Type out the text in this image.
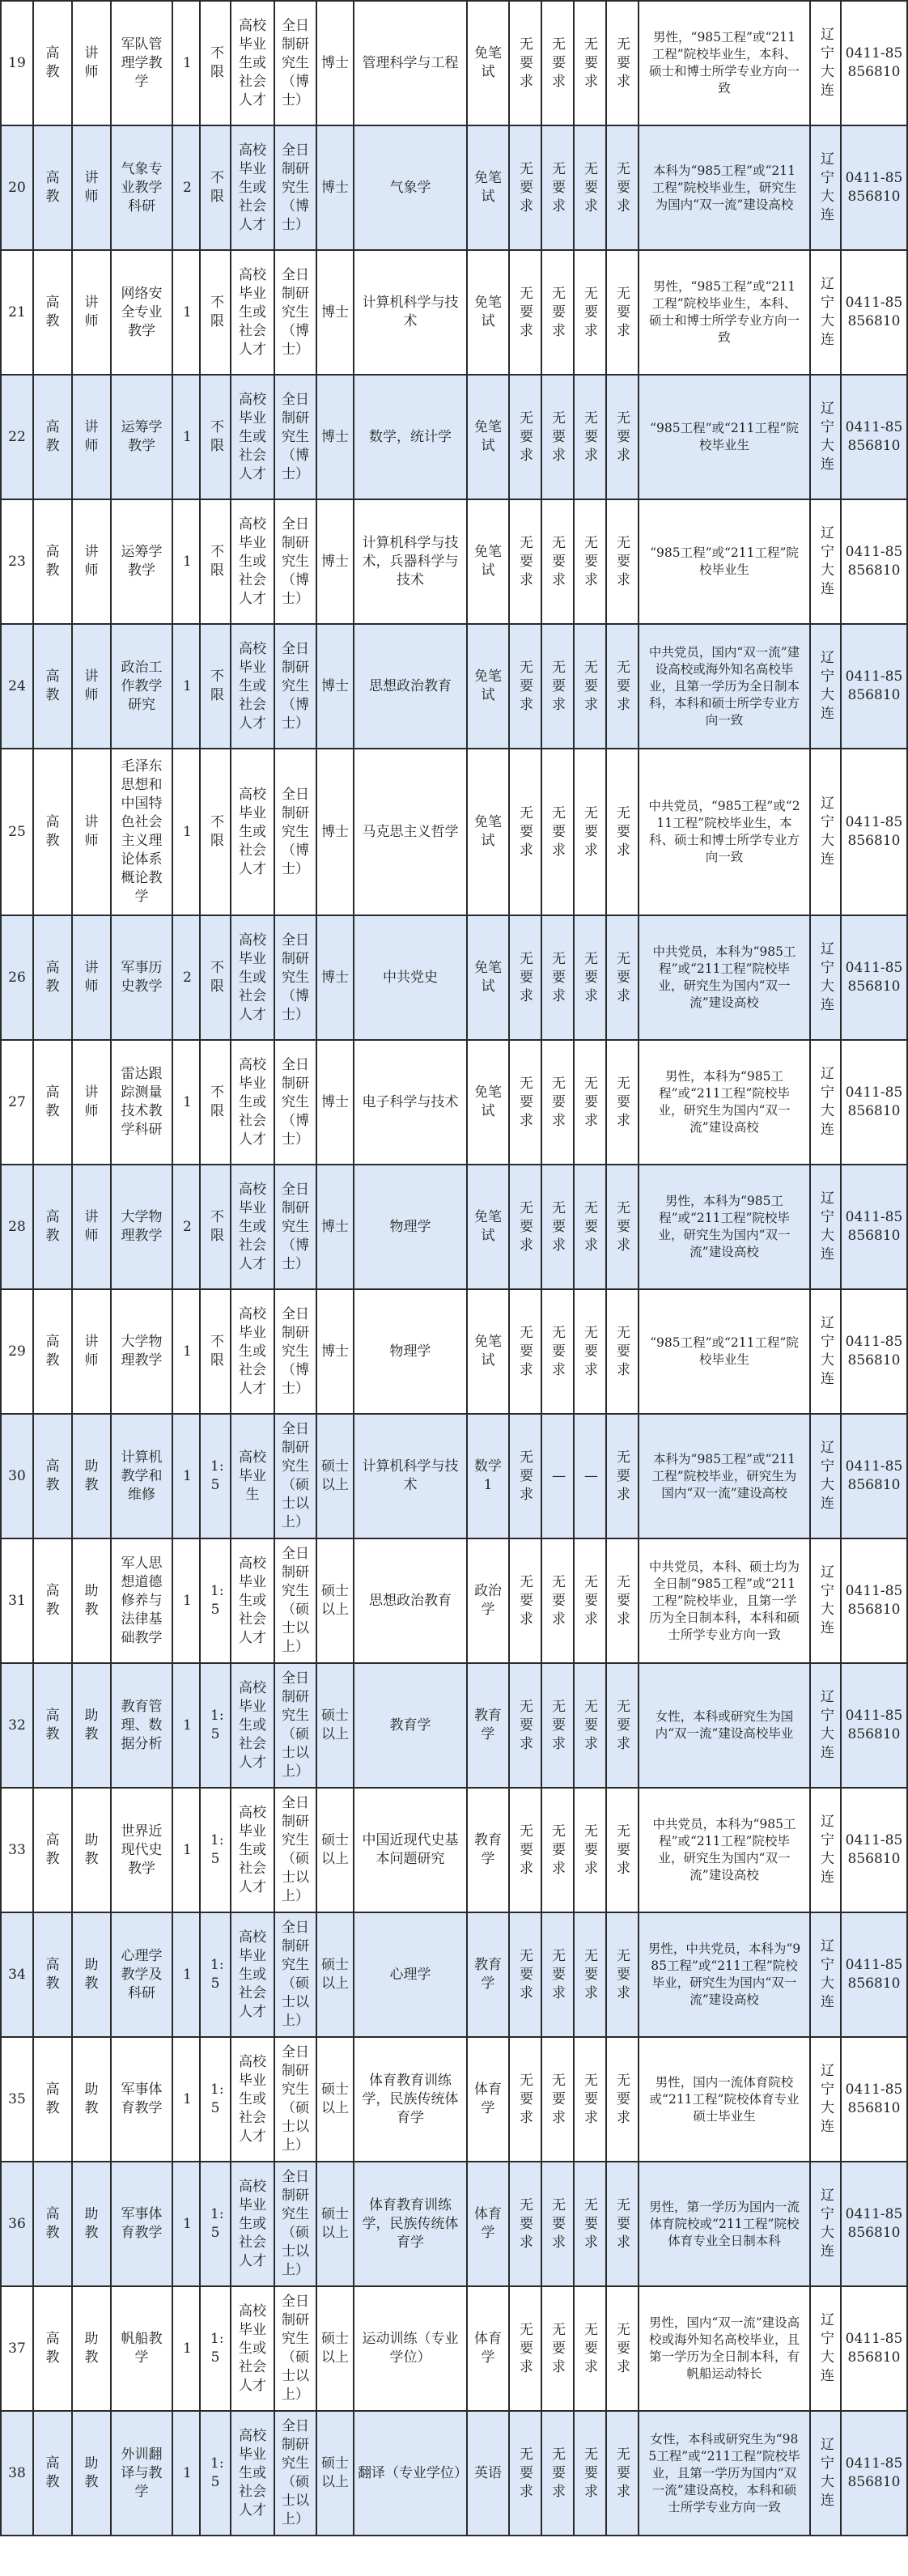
19	高教	讲师	军队管理学教学	1	不限	高校毕业生或社会人才	全日制研究生（博士）	博士	管理科学与工程	免笔试	无要求	无要求	无要求	无要求	男性，“985工程”或“211工程”院校毕业生，本科、硕士和博士所学专业方向一致	辽宁大连	0411-85856810
20	高教	讲师	气象专业教学科研	2	不限	高校毕业生或社会人才	全日制研究生（博士）	博士	气象学	免笔试	无要求	无要求	无要求	无要求	本科为“985工程”或“211工程”院校毕业生，研究生为国内“双一流”建设高校	辽宁大连	0411-85856810
21	高教	讲师	网络安全专业教学	1	不限	高校毕业生或社会人才	全日制研究生（博士）	博士	计算机科学与技术	免笔试	无要求	无要求	无要求	无要求	男性，“985工程”或“211工程”院校毕业生，本科、硕士和博士所学专业方向一致	辽宁大连	0411-85856810
22	高教	讲师	运筹学教学	1	不限	高校毕业生或社会人才	全日制研究生（博士）	博士	数学，统计学	免笔试	无要求	无要求	无要求	无要求	“985工程”或“211工程”院校毕业生	辽宁大连	0411-85856810
23	高教	讲师	运筹学教学	1	不限	高校毕业生或社会人才	全日制研究生（博士）	博士	计算机科学与技术，兵器科学与技术	免笔试	无要求	无要求	无要求	无要求	“985工程”或“211工程”院校毕业生	辽宁大连	0411-85856810
24	高教	讲师	政治工作教学研究	1	不限	高校毕业生或社会人才	全日制研究生（博士）	博士	思想政治教育	免笔试	无要求	无要求	无要求	无要求	中共党员，国内“双一流”建设高校或海外知名高校毕业，且第一学历为全日制本科，本科和硕士所学专业方向一致	辽宁大连	0411-85856810
25	高教	讲师	毛泽东思想和中国特色社会主义理论体系概论教学	1	不限	高校毕业生或社会人才	全日制研究生（博士）	博士	马克思主义哲学	免笔试	无要求	无要求	无要求	无要求	中共党员，“985工程”或“211工程”院校毕业生，本科、硕士和博士所学专业方向一致	辽宁大连	0411-85856810
26	高教	讲师	军事历史教学	2	不限	高校毕业生或社会人才	全日制研究生（博士）	博士	中共党史	免笔试	无要求	无要求	无要求	无要求	中共党员，本科为“985工程”或“211工程”院校毕业，研究生为国内“双一流”建设高校	辽宁大连	0411-85856810
27	高教	讲师	雷达跟踪测量技术教学科研	1	不限	高校毕业生或社会人才	全日制研究生（博士）	博士	电子科学与技术	免笔试	无要求	无要求	无要求	无要求	男性，本科为“985工程”或“211工程”院校毕业，研究生为国内“双一流”建设高校	辽宁大连	0411-85856810
28	高教	讲师	大学物理教学	2	不限	高校毕业生或社会人才	全日制研究生（博士）	博士	物理学	免笔试	无要求	无要求	无要求	无要求	男性，本科为“985工程”或“211工程”院校毕业，研究生为国内“双一流”建设高校	辽宁大连	0411-85856810
29	高教	讲师	大学物理教学	1	不限	高校毕业生或社会人才	全日制研究生（博士）	博士	物理学	免笔试	无要求	无要求	无要求	无要求	“985工程”或“211工程”院校毕业生	辽宁大连	0411-85856810
30	高教	助教	计算机教学和维修	1	1:5	高校毕业生	全日制研究生（硕士以上）	硕士以上	计算机科学与技术	数学1	无要求	—	—	无要求	本科为“985工程”或“211工程”院校毕业，研究生为国内“双一流”建设高校	辽宁大连	0411-85856810
31	高教	助教	军人思想道德修养与法律基础教学	1	1:5	高校毕业生或社会人才	全日制研究生（硕士以上）	硕士以上	思想政治教育	政治学	无要求	无要求	无要求	无要求	中共党员，本科、硕士均为全日制“985工程”或“211工程”院校毕业，且第一学历为全日制本科，本科和硕士所学专业方向一致	辽宁大连	0411-85856810
32	高教	助教	教育管理、数据分析	1	1:5	高校毕业生或社会人才	全日制研究生（硕士以上）	硕士以上	教育学	教育学	无要求	无要求	无要求	无要求	女性，本科或研究生为国内“双一流”建设高校毕业	辽宁大连	0411-85856810
33	高教	助教	世界近现代史教学	1	1:5	高校毕业生或社会人才	全日制研究生（硕士以上）	硕士以上	中国近现代史基本问题研究	教育学	无要求	无要求	无要求	无要求	中共党员，本科为“985工程”或“211工程”院校毕业，研究生为国内“双一流”建设高校	辽宁大连	0411-85856810
34	高教	助教	心理学教学及科研	1	1:5	高校毕业生或社会人才	全日制研究生（硕士以上）	硕士以上	心理学	教育学	无要求	无要求	无要求	无要求	男性，中共党员，本科为“985工程”或“211工程”院校毕业，研究生为国内“双一流”建设高校	辽宁大连	0411-85856810
35	高教	助教	军事体育教学	1	1:5	高校毕业生或社会人才	全日制研究生（硕士以上）	硕士以上	体育教育训练学，民族传统体育学	体育学	无要求	无要求	无要求	无要求	男性，国内一流体育院校或“211工程”院校体育专业硕士毕业生	辽宁大连	0411-85856810
36	高教	助教	军事体育教学	1	1:5	高校毕业生或社会人才	全日制研究生（硕士以上）	硕士以上	体育教育训练学，民族传统体育学	体育学	无要求	无要求	无要求	无要求	男性，第一学历为国内一流体育院校或“211工程”院校体育专业全日制本科	辽宁大连	0411-85856810
37	高教	助教	帆船教学	1	1:5	高校毕业生或社会人才	全日制研究生（硕士以上）	硕士以上	运动训练（专业学位）	体育学	无要求	无要求	无要求	无要求	男性，国内“双一流”建设高校或海外知名高校毕业，且第一学历为全日制本科，有帆船运动特长	辽宁大连	0411-85856810
38	高教	助教	外训翻译与教学	1	1:5	高校毕业生或社会人才	全日制研究生（硕士以上）	硕士以上	翻译（专业学位）	英语	无要求	无要求	无要求	无要求	女性，本科或研究生为“985工程”或“211工程”院校毕业，且第一学历为国内“双一流”建设高校，本科和硕士所学专业方向一致	辽宁大连	0411-85856810
